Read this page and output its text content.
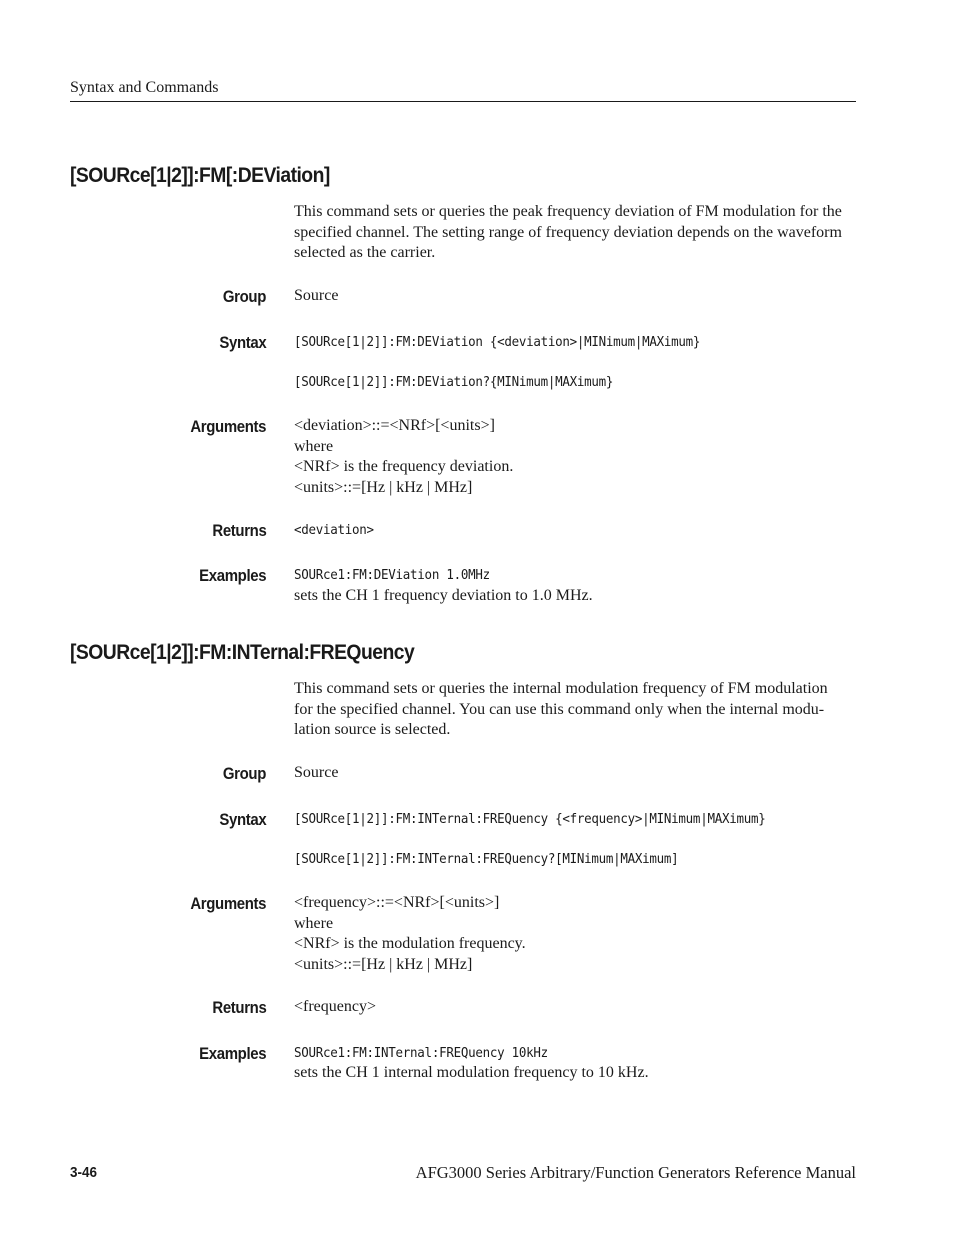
Syntax and Commands
[SOURce[1|2]]:FM[:DEViation]
This command sets or queries the peak frequency deviation of FM modulation for the specified channel. The setting range of frequency deviation depends on the waveform selected as the carrier.
Group Source
Syntax [SOURce[1|2]]:FM:DEViation {<deviation>|MINimum|MAXimum}
[SOURce[1|2]]:FM:DEViation?{MINimum|MAXimum}
Arguments <deviation>::=<NRf>[<units>]
where
<NRf> is the frequency deviation.
<units>::=[Hz | kHz | MHz]
Returns <deviation>
Examples SOURce1:FM:DEViation 1.0MHz
sets the CH 1 frequency deviation to 1.0 MHz.
[SOURce[1|2]]:FM:INTernal:FREQuency
This command sets or queries the internal modulation frequency of FM modulation
for the specified channel. You can use this command only when the internal modu-
lation source is selected.
Group Source
Syntax [SOURce[1|2]]:FM:INTernal:FREQuency {<frequency>|MINimum|MAXimum}
[SOURce[1|2]]:FM:INTernal:FREQuency?[MINimum|MAXimum]
Arguments <frequency>::=<NRf>[<units>]
where
<NRf> is the modulation frequency.
<units>::=[Hz | kHz | MHz]
Returns <frequency>
Examples SOURce1:FM:INTernal:FREQuency 10kHz
sets the CH 1 internal modulation frequency to 10 kHz.
3-46	AFG3000 Series Arbitrary/Function Generators Reference Manual
